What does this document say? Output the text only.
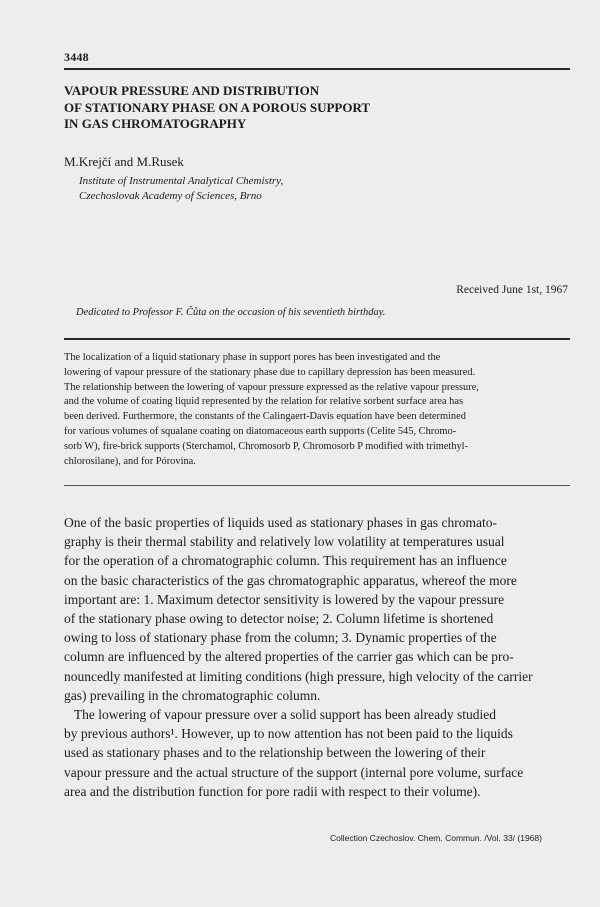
3448
VAPOUR PRESSURE AND DISTRIBUTION
OF STATIONARY PHASE ON A POROUS SUPPORT
IN GAS CHROMATOGRAPHY
M.Krejčí and M.Rusek
Institute of Instrumental Analytical Chemistry,
Czechoslovak Academy of Sciences, Brno
Received June 1st, 1967
Dedicated to Professor F. Čůta on the occasion of his seventieth birthday.
The localization of a liquid stationary phase in support pores has been investigated and the
lowering of vapour pressure of the stationary phase due to capillary depression has been measured.
The relationship between the lowering of vapour pressure expressed as the relative vapour pressure,
and the volume of coating liquid represented by the relation for relative sorbent surface area has
been derived. Furthermore, the constants of the Calingaert-Davis equation have been determined
for various volumes of squalane coating on diatomaceous earth supports (Celite 545, Chromo-
sorb W), fire-brick supports (Sterchamol, Chromosorb P, Chromosorb P modified with trimethyl-
chlorosilane), and for Pórovina.
One of the basic properties of liquids used as stationary phases in gas chromato-
graphy is their thermal stability and relatively low volatility at temperatures usual
for the operation of a chromatographic column. This requirement has an influence
on the basic characteristics of the gas chromatographic apparatus, whereof the more
important are: 1. Maximum detector sensitivity is lowered by the vapour pressure
of the stationary phase owing to detector noise; 2. Column lifetime is shortened
owing to loss of stationary phase from the column; 3. Dynamic properties of the
column are influenced by the altered properties of the carrier gas which can be pro-
nouncedly manifested at limiting conditions (high pressure, high velocity of the carrier
gas) prevailing in the chromatographic column.
The lowering of vapour pressure over a solid support has been already studied
by previous authors¹. However, up to now attention has not been paid to the liquids
used as stationary phases and to the relationship between the lowering of their
vapour pressure and the actual structure of the support (internal pore volume, surface
area and the distribution function for pore radii with respect to their volume).
Collection Czechoslov. Chem. Commun. /Vol. 33/ (1968)
